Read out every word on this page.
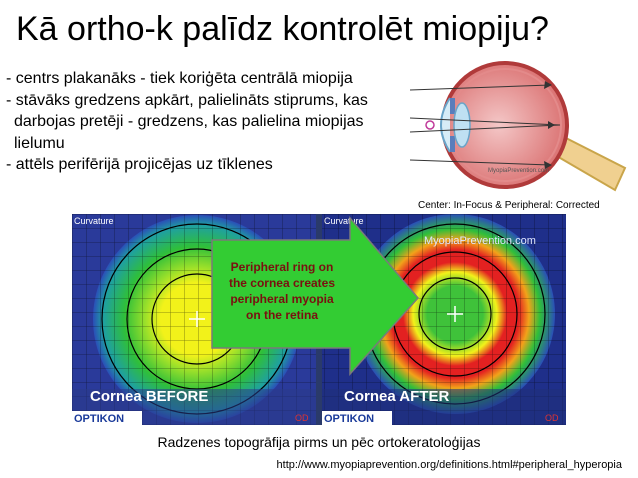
Kā ortho-k palīdz kontrolēt miopiju?
- centrs plakanāks - tiek koriģēta centrālā miopija
- stāvāks gredzens apkārt, palielināts stiprums, kas
darbojas pretēji - gredzens, kas palielina miopijas
lielumu
- attēls perifērijā projicējas uz tīklenes	MyopiaPrevention.com
Center: In-Focus & Peripheral: Corrected
Curvature
Cornea BEFORE
OPTIKON	OD
Curvature
MyopiaPrevention.com
Cornea AFTER
OPTIKON	OD
Peripheral ring on
the cornea creates
peripheral myopia
on the retina
Radzenes topogrāfija pirms un pēc ortokeratoloģijas
http://www.myopiaprevention.org/definitions.html#peripheral_hyperopia
